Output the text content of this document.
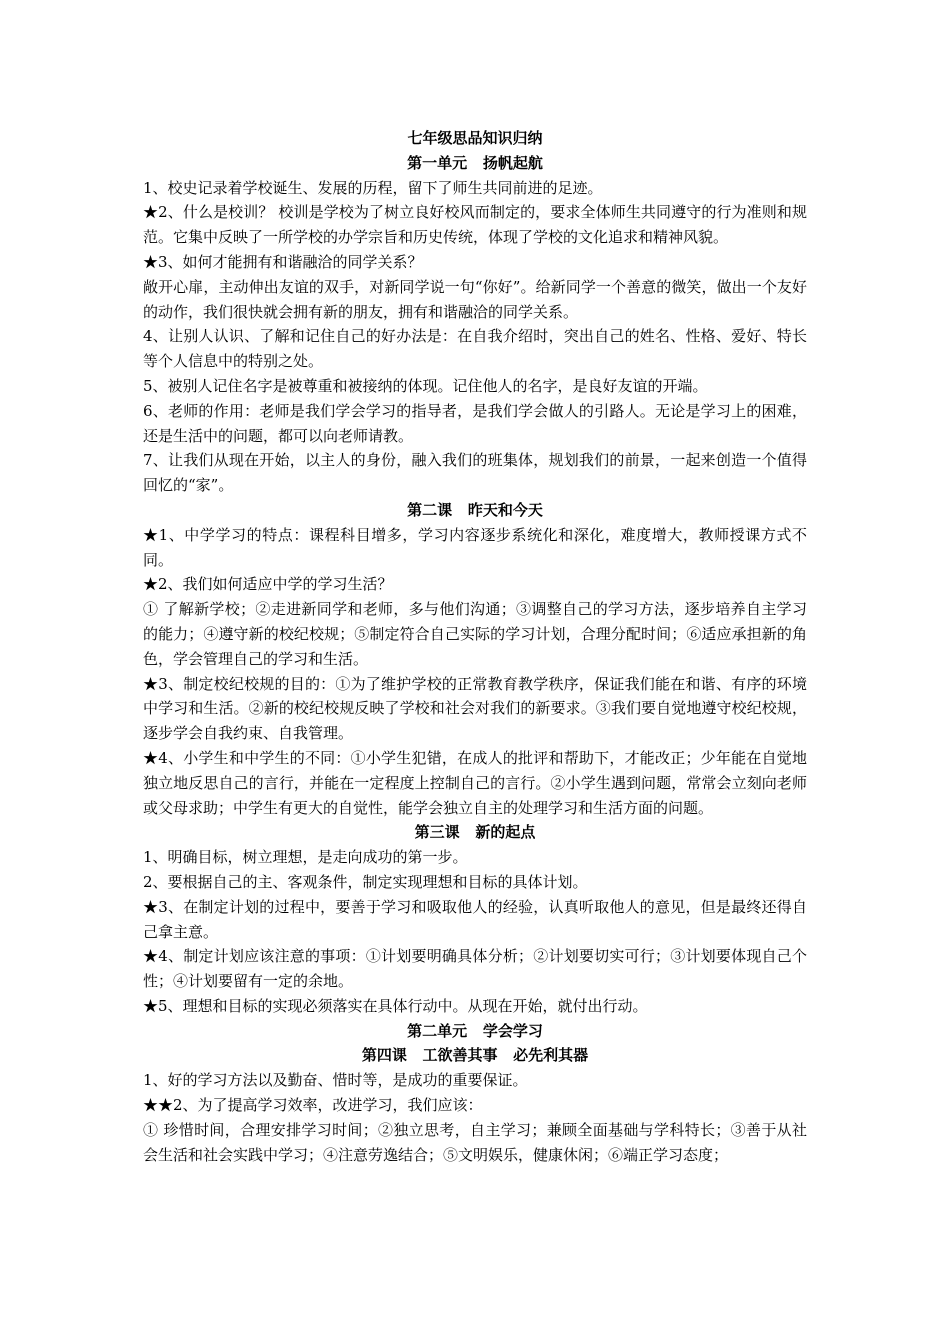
七年级思品知识归纳
第一单元   扬帆起航

1、校史记录着学校诞生、发展的历程，留下了师生共同前进的足迹。

★2、什么是校训？ 校训是学校为了树立良好校风而制定的，要求全体师生共同遵守的行为准则和规范。它集中反映了一所学校的办学宗旨和历史传统，体现了学校的文化追求和精神风貌。

★3、如何才能拥有和谐融洽的同学关系？

敞开心扉，主动伸出友谊的双手，对新同学说一句“你好”。给新同学一个善意的微笑，做出一个友好的动作，我们很快就会拥有新的朋友，拥有和谐融洽的同学关系。

4、让别人认识、了解和记住自己的好办法是：在自我介绍时，突出自己的姓名、性格、爱好、特长等个人信息中的特别之处。

5、被别人记住名字是被尊重和被接纳的体现。记住他人的名字，是良好友谊的开端。

6、老师的作用：老师是我们学会学习的指导者，是我们学会做人的引路人。无论是学习上的困难，还是生活中的问题，都可以向老师请教。

7、让我们从现在开始，以主人的身份，融入我们的班集体，规划我们的前景，一起来创造一个值得回忆的“家”。

第二课   昨天和今天

★1、中学学习的特点：课程科目增多，学习内容逐步系统化和深化，难度增大，教师授课方式不同。

★2、我们如何适应中学的学习生活？

① 了解新学校；②走进新同学和老师，多与他们沟通；③调整自己的学习方法，逐步培养自主学习的能力；④遵守新的校纪校规；⑤制定符合自己实际的学习计划，合理分配时间；⑥适应承担新的角色，学会管理自己的学习和生活。

★3、制定校纪校规的目的：①为了维护学校的正常教育教学秩序，保证我们能在和谐、有序的环境中学习和生活。②新的校纪校规反映了学校和社会对我们的新要求。③我们要自觉地遵守校纪校规，逐步学会自我约束、自我管理。

★4、小学生和中学生的不同：①小学生犯错，在成人的批评和帮助下，才能改正；少年能在自觉地独立地反思自己的言行，并能在一定程度上控制自己的言行。②小学生遇到问题，常常会立刻向老师或父母求助；中学生有更大的自觉性，能学会独立自主的处理学习和生活方面的问题。

第三课   新的起点

1、明确目标，树立理想，是走向成功的第一步。

2、要根据自己的主、客观条件，制定实现理想和目标的具体计划。

★3、在制定计划的过程中，要善于学习和吸取他人的经验，认真听取他人的意见，但是最终还得自己拿主意。

★4、制定计划应该注意的事项：①计划要明确具体分析；②计划要切实可行；③计划要体现自己个性；④计划要留有一定的余地。

★5、理想和目标的实现必须落实在具体行动中。从现在开始，就付出行动。

第二单元   学会学习
第四课   工欲善其事   必先利其器

1、好的学习方法以及勤奋、惜时等，是成功的重要保证。

★★2、为了提高学习效率，改进学习，我们应该：

① 珍惜时间，合理安排学习时间；②独立思考，自主学习；兼顾全面基础与学科特长；③善于从社会生活和社会实践中学习；④注意劳逸结合；⑤文明娱乐，健康休闲；⑥端正学习态度；
